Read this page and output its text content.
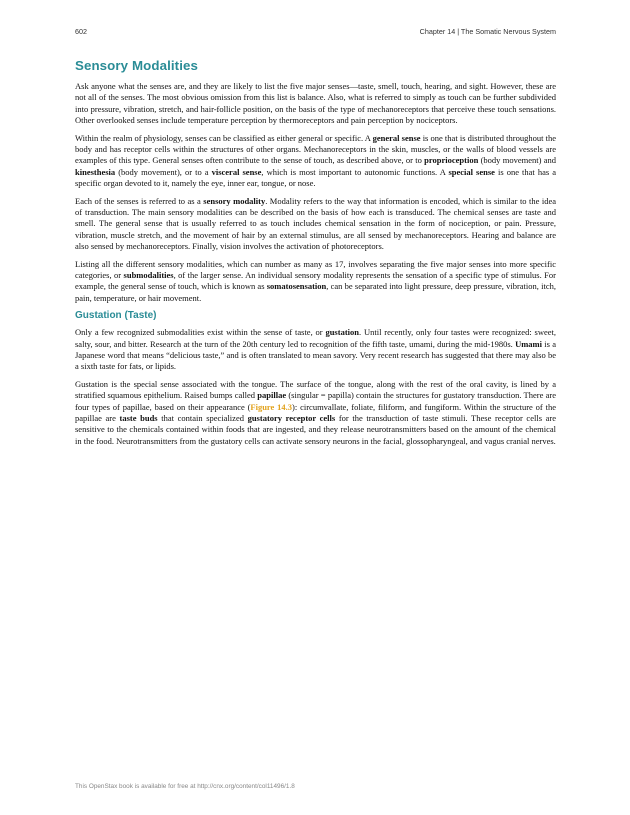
602	Chapter 14 | The Somatic Nervous System
Sensory Modalities

Ask anyone what the senses are, and they are likely to list the five major senses—taste, smell, touch, hearing, and sight. However, these are not all of the senses. The most obvious omission from this list is balance. Also, what is referred to simply as touch can be further subdivided into pressure, vibration, stretch, and hair-follicle position, on the basis of the type of mechanoreceptors that perceive these touch sensations. Other overlooked senses include temperature perception by thermoreceptors and pain perception by nociceptors.

Within the realm of physiology, senses can be classified as either general or specific. A general sense is one that is distributed throughout the body and has receptor cells within the structures of other organs. Mechanoreceptors in the skin, muscles, or the walls of blood vessels are examples of this type. General senses often contribute to the sense of touch, as described above, or to proprioception (body movement) and kinesthesia (body movement), or to a visceral sense, which is most important to autonomic functions. A special sense is one that has a specific organ devoted to it, namely the eye, inner ear, tongue, or nose.

Each of the senses is referred to as a sensory modality. Modality refers to the way that information is encoded, which is similar to the idea of transduction. The main sensory modalities can be described on the basis of how each is transduced. The chemical senses are taste and smell. The general sense that is usually referred to as touch includes chemical sensation in the form of nociception, or pain. Pressure, vibration, muscle stretch, and the movement of hair by an external stimulus, are all sensed by mechanoreceptors. Hearing and balance are also sensed by mechanoreceptors. Finally, vision involves the activation of photoreceptors.

Listing all the different sensory modalities, which can number as many as 17, involves separating the five major senses into more specific categories, or submodalities, of the larger sense. An individual sensory modality represents the sensation of a specific type of stimulus. For example, the general sense of touch, which is known as somatosensation, can be separated into light pressure, deep pressure, vibration, itch, pain, temperature, or hair movement.

Gustation (Taste)

Only a few recognized submodalities exist within the sense of taste, or gustation. Until recently, only four tastes were recognized: sweet, salty, sour, and bitter. Research at the turn of the 20th century led to recognition of the fifth taste, umami, during the mid-1980s. Umami is a Japanese word that means “delicious taste,” and is often translated to mean savory. Very recent research has suggested that there may also be a sixth taste for fats, or lipids.

Gustation is the special sense associated with the tongue. The surface of the tongue, along with the rest of the oral cavity, is lined by a stratified squamous epithelium. Raised bumps called papillae (singular = papilla) contain the structures for gustatory transduction. There are four types of papillae, based on their appearance (Figure 14.3): circumvallate, foliate, filiform, and fungiform. Within the structure of the papillae are taste buds that contain specialized gustatory receptor cells for the transduction of taste stimuli. These receptor cells are sensitive to the chemicals contained within foods that are ingested, and they release neurotransmitters based on the amount of the chemical in the food. Neurotransmitters from the gustatory cells can activate sensory neurons in the facial, glossopharyngeal, and vagus cranial nerves.

This OpenStax book is available for free at http://cnx.org/content/col11496/1.8
